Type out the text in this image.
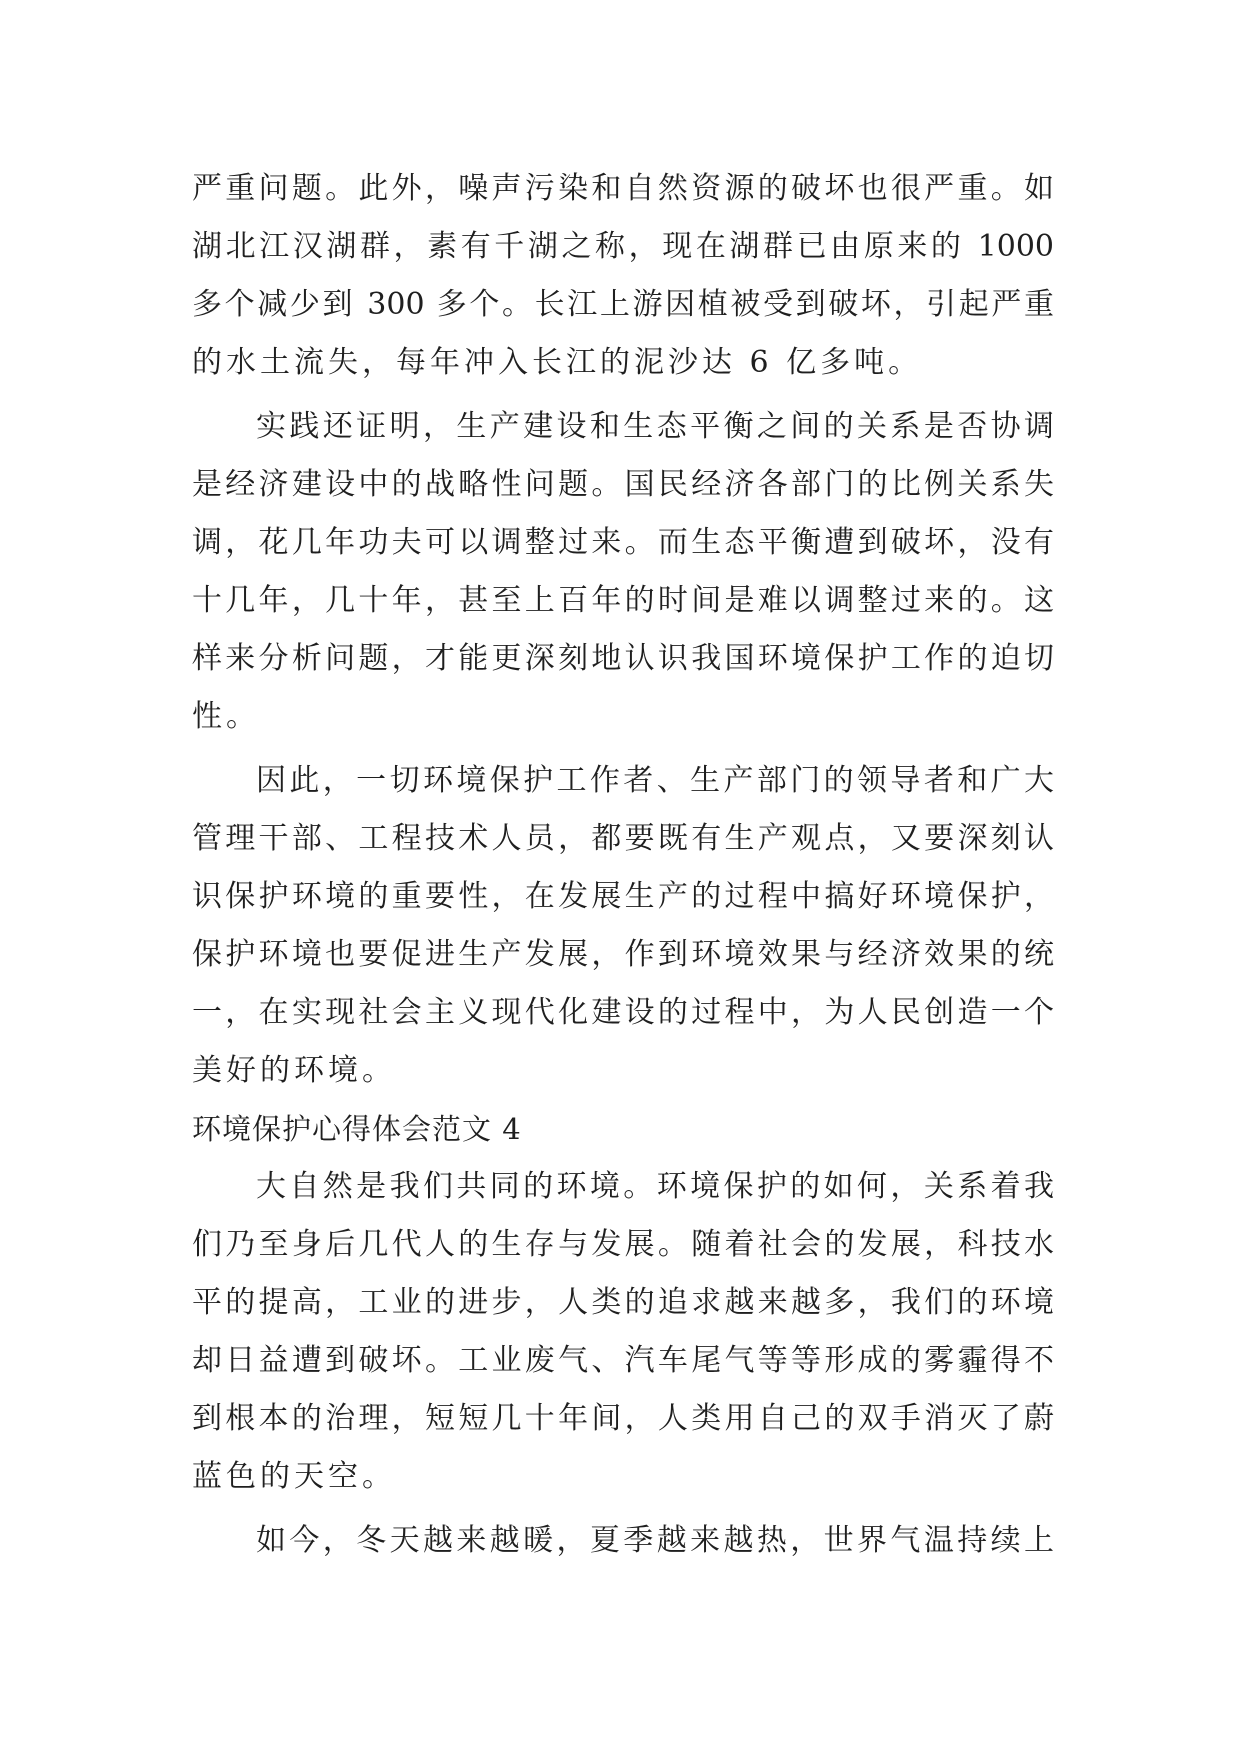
严重问题。此外，噪声污染和自然资源的破坏也很严重。如
湖北江汉湖群，素有千湖之称，现在湖群已由原来的 1000
多个减少到 300 多个。长江上游因植被受到破坏，引起严重
的水土流失，每年冲入长江的泥沙达 6 亿多吨。
实践还证明，生产建设和生态平衡之间的关系是否协调
是经济建设中的战略性问题。国民经济各部门的比例关系失
调，花几年功夫可以调整过来。而生态平衡遭到破坏，没有
十几年，几十年，甚至上百年的时间是难以调整过来的。这
样来分析问题，才能更深刻地认识我国环境保护工作的迫切
性。
因此，一切环境保护工作者、生产部门的领导者和广大
管理干部、工程技术人员，都要既有生产观点，又要深刻认
识保护环境的重要性，在发展生产的过程中搞好环境保护，
保护环境也要促进生产发展，作到环境效果与经济效果的统
一，在实现社会主义现代化建设的过程中，为人民创造一个
美好的环境。
环境保护心得体会范文 4
大自然是我们共同的环境。环境保护的如何，关系着我
们乃至身后几代人的生存与发展。随着社会的发展，科技水
平的提高，工业的进步，人类的追求越来越多，我们的环境
却日益遭到破坏。工业废气、汽车尾气等等形成的雾霾得不
到根本的治理，短短几十年间，人类用自己的双手消灭了蔚
蓝色的天空。
如今，冬天越来越暖，夏季越来越热，世界气温持续上
